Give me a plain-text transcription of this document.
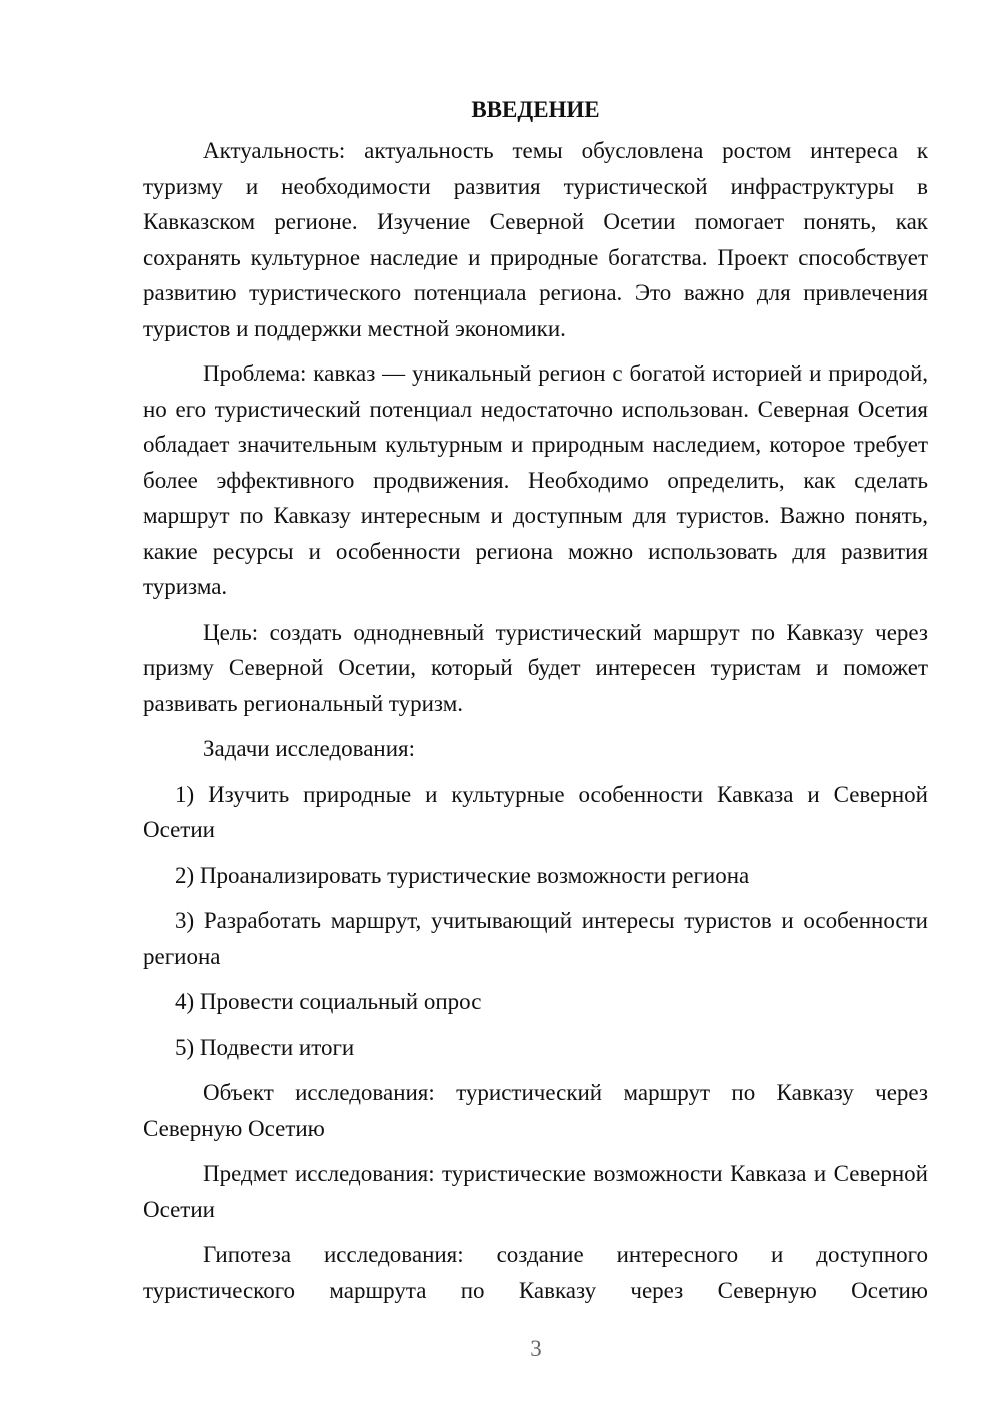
ВВЕДЕНИЕ

Актуальность: актуальность темы обусловлена ростом интереса к туризму и необходимости развития туристической инфраструктуры в Кавказском регионе. Изучение Северной Осетии помогает понять, как сохранять культурное наследие и природные богатства. Проект способствует развитию туристического потенциала региона. Это важно для привлечения туристов и поддержки местной экономики.

Проблема: кавказ — уникальный регион с богатой историей и природой, но его туристический потенциал недостаточно использован. Северная Осетия обладает значительным культурным и природным наследием, которое требует более эффективного продвижения. Необходимо определить, как сделать маршрут по Кавказу интересным и доступным для туристов. Важно понять, какие ресурсы и особенности региона можно использовать для развития туризма.

Цель: создать однодневный туристический маршрут по Кавказу через призму Северной Осетии, который будет интересен туристам и поможет развивать региональный туризм.

Задачи исследования:

1) Изучить природные и культурные особенности Кавказа и Северной Осетии

2) Проанализировать туристические возможности региона

3) Разработать маршрут, учитывающий интересы туристов и особенности региона

4) Провести социальный опрос

5) Подвести итоги

Объект исследования: туристический маршрут по Кавказу через Северную Осетию

Предмет исследования: туристические возможности Кавказа и Северной Осетии

Гипотеза исследования: создание интересного и доступного туристического маршрута по Кавказу через Северную Осетию

3
